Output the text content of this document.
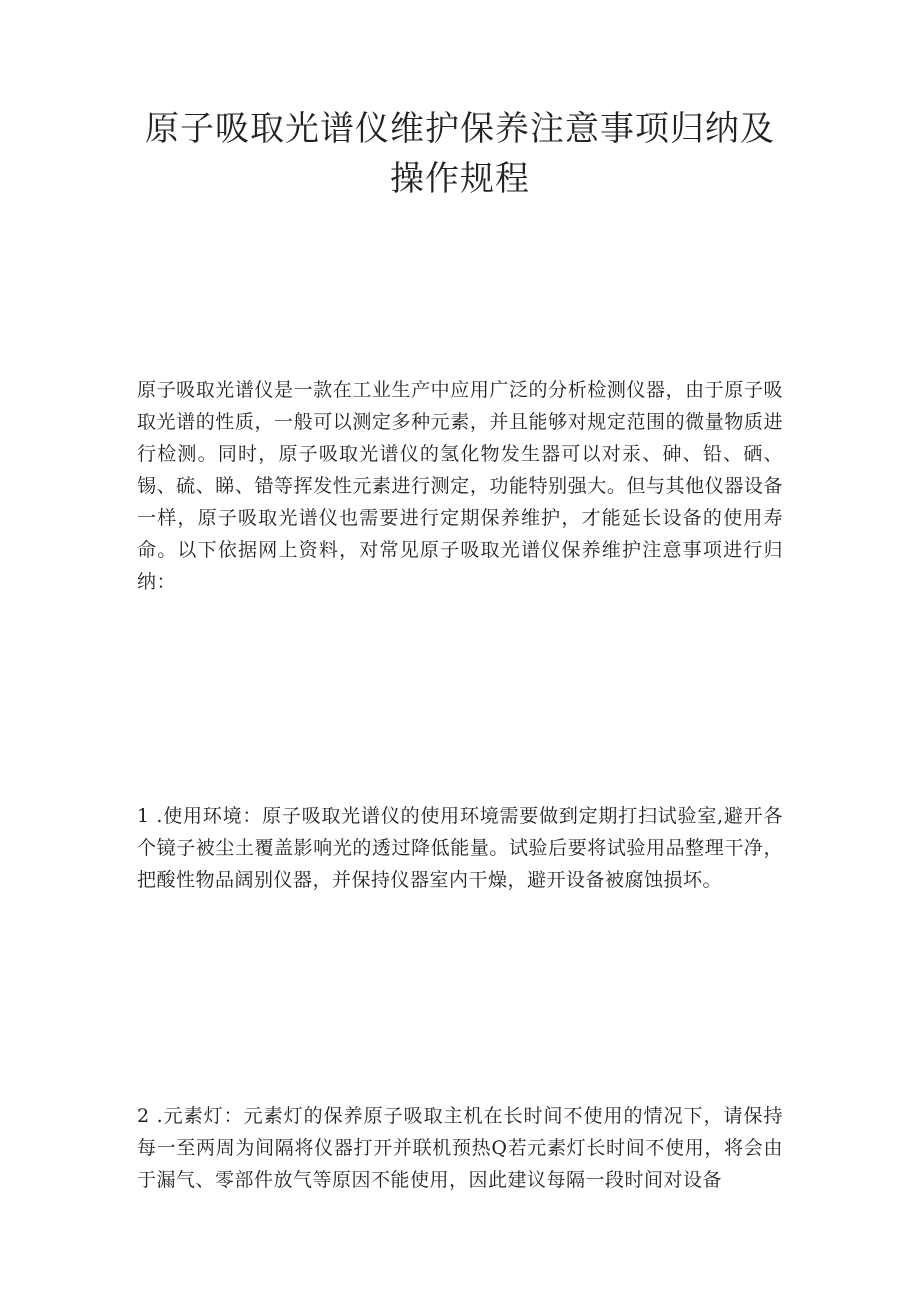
原子吸取光谱仪维护保养注意事项归纳及操作规程

原子吸取光谱仪是一款在工业生产中应用广泛的分析检测仪器，由于原子吸取光谱的性质，一般可以测定多种元素，并且能够对规定范围的微量物质进行检测。同时，原子吸取光谱仪的氢化物发生器可以对汞、砷、铅、硒、锡、硫、睇、错等挥发性元素进行测定，功能特别强大。但与其他仪器设备一样，原子吸取光谱仪也需要进行定期保养维护，才能延长设备的使用寿命。以下依据网上资料，对常见原子吸取光谱仪保养维护注意事项进行归纳：

1 .使用环境：原子吸取光谱仪的使用环境需要做到定期打扫试验室,避开各个镜子被尘土覆盖影响光的透过降低能量。试验后要将试验用品整理干净，把酸性物品阔别仪器，并保持仪器室内干燥，避开设备被腐蚀损坏。

2 .元素灯：元素灯的保养原子吸取主机在长时间不使用的情况下，请保持每一至两周为间隔将仪器打开并联机预热Q若元素灯长时间不使用，将会由于漏气、零部件放气等原因不能使用，因此建议每隔一段时间对设备
